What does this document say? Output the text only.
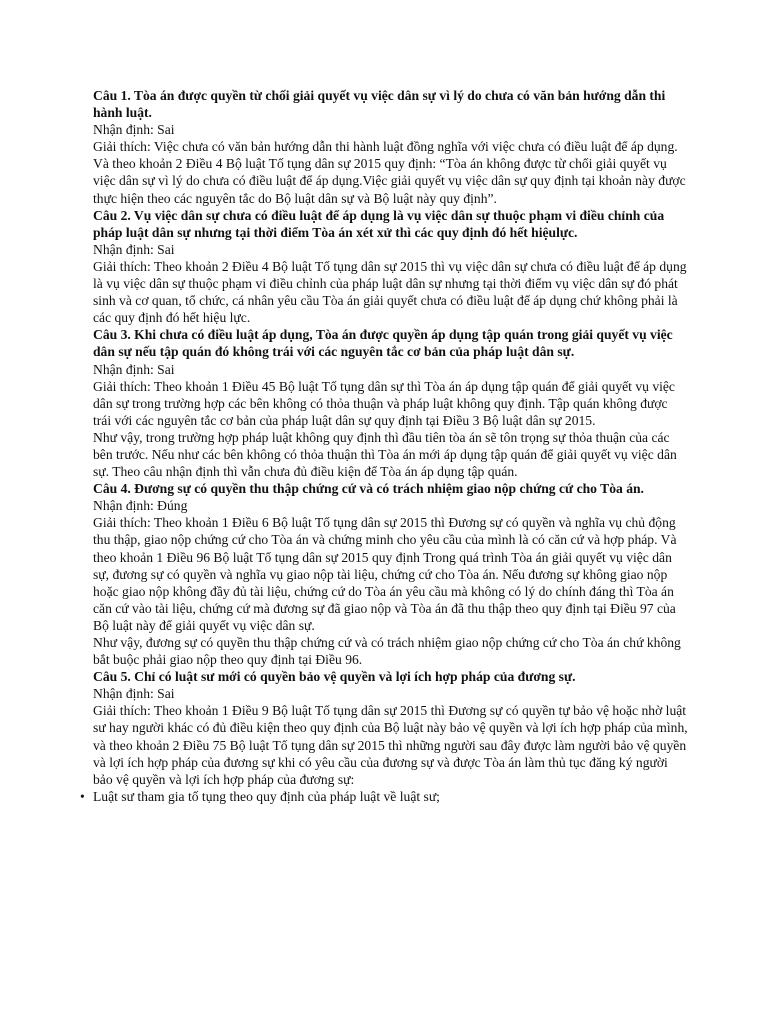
Câu 1. Tòa án được quyền từ chối giải quyết vụ việc dân sự vì lý do chưa có văn bản hướng dẫn thi hành luật.

Nhận định: Sai

Giải thích: Việc chưa có văn bản hướng dẫn thi hành luật đồng nghĩa với việc chưa có điều luật để áp dụng. Và theo khoản 2 Điều 4 Bộ luật Tố tụng dân sự 2015 quy định: “Tòa án không được từ chối giải quyết vụ việc dân sự vì lý do chưa có điều luật để áp dụng.Việc giải quyết vụ việc dân sự quy định tại khoản này được thực hiện theo các nguyên tắc do Bộ luật dân sự và Bộ luật này quy định”.

Câu 2. Vụ việc dân sự chưa có điều luật để áp dụng là vụ việc dân sự thuộc phạm vi điều chỉnh của pháp luật dân sự nhưng tại thời điểm Tòa án xét xử thì các quy định đó hết hiệulực.

Nhận định: Sai

Giải thích: Theo khoản 2 Điều 4 Bộ luật Tố tụng dân sự 2015 thì vụ việc dân sự chưa có điều luật để áp dụng là vụ việc dân sự thuộc phạm vi điều chỉnh của pháp luật dân sự nhưng tại thời điểm vụ việc dân sự đó phát sinh và cơ quan, tổ chức, cá nhân yêu cầu Tòa án giải quyết chưa có điều luật để áp dụng chứ không phải là các quy định đó hết hiệu lực.

Câu 3. Khi chưa có điều luật áp dụng, Tòa án được quyền áp dụng tập quán trong giải quyết vụ việc dân sự nếu tập quán đó không trái với các nguyên tắc cơ bản của pháp luật dân sự.

Nhận định: Sai

Giải thích: Theo khoản 1 Điều 45 Bộ luật Tố tụng dân sự thì Tòa án áp dụng tập quán để giải quyết vụ việc dân sự trong trường hợp các bên không có thỏa thuận và pháp luật không quy định. Tập quán không được trái với các nguyên tắc cơ bản của pháp luật dân sự quy định tại Điều 3 Bộ luật dân sự 2015.

Như vậy, trong trường hợp pháp luật không quy định thì đầu tiên tòa án sẽ tôn trọng sự thỏa thuận của các bên trước. Nếu như các bên không có thỏa thuận thì Tòa án mới áp dụng tập quán để giải quyết vụ việc dân sự. Theo câu nhận định thì vẫn chưa đủ điều kiện để Tòa án áp dụng tập quán.

Câu 4. Đương sự có quyền thu thập chứng cứ và có trách nhiệm giao nộp chứng cứ cho Tòa án.

Nhận định: Đúng

Giải thích: Theo khoản 1 Điều 6 Bộ luật Tố tụng dân sự 2015 thì Đương sự có quyền và nghĩa vụ chủ động thu thập, giao nộp chứng cứ cho Tòa án và chứng minh cho yêu cầu của mình là có căn cứ và hợp pháp. Và theo khoản 1 Điều 96 Bộ luật Tố tụng dân sự 2015 quy định Trong quá trình Tòa án giải quyết vụ việc dân sự, đương sự có quyền và nghĩa vụ giao nộp tài liệu, chứng cứ cho Tòa án. Nếu đương sự không giao nộp hoặc giao nộp không đầy đủ tài liệu, chứng cứ do Tòa án yêu cầu mà không có lý do chính đáng thì Tòa án căn cứ vào tài liệu, chứng cứ mà đương sự đã giao nộp và Tòa án đã thu thập theo quy định tại Điều 97 của Bộ luật này để giải quyết vụ việc dân sự.

Như vậy, đương sự có quyền thu thập chứng cứ và có trách nhiệm giao nộp chứng cứ cho Tòa án chứ không bắt buộc phải giao nộp theo quy định tại Điều 96.

Câu 5. Chỉ có luật sư mới có quyền bảo vệ quyền và lợi ích hợp pháp của đương sự.

Nhận định: Sai

Giải thích: Theo khoản 1 Điều 9 Bộ luật Tố tụng dân sự 2015 thì Đương sự có quyền tự bảo vệ hoặc nhờ luật sư hay người khác có đủ điều kiện theo quy định của Bộ luật này bảo vệ quyền và lợi ích hợp pháp của mình, và theo khoản 2 Điều 75 Bộ luật Tố tụng dân sự 2015 thì những người sau đây được làm người bảo vệ quyền và lợi ích hợp pháp của đương sự khi có yêu cầu của đương sự và được Tòa án làm thủ tục đăng ký người bảo vệ quyền và lợi ích hợp pháp của đương sự:

• Luật sư tham gia tố tụng theo quy định của pháp luật về luật sư;
